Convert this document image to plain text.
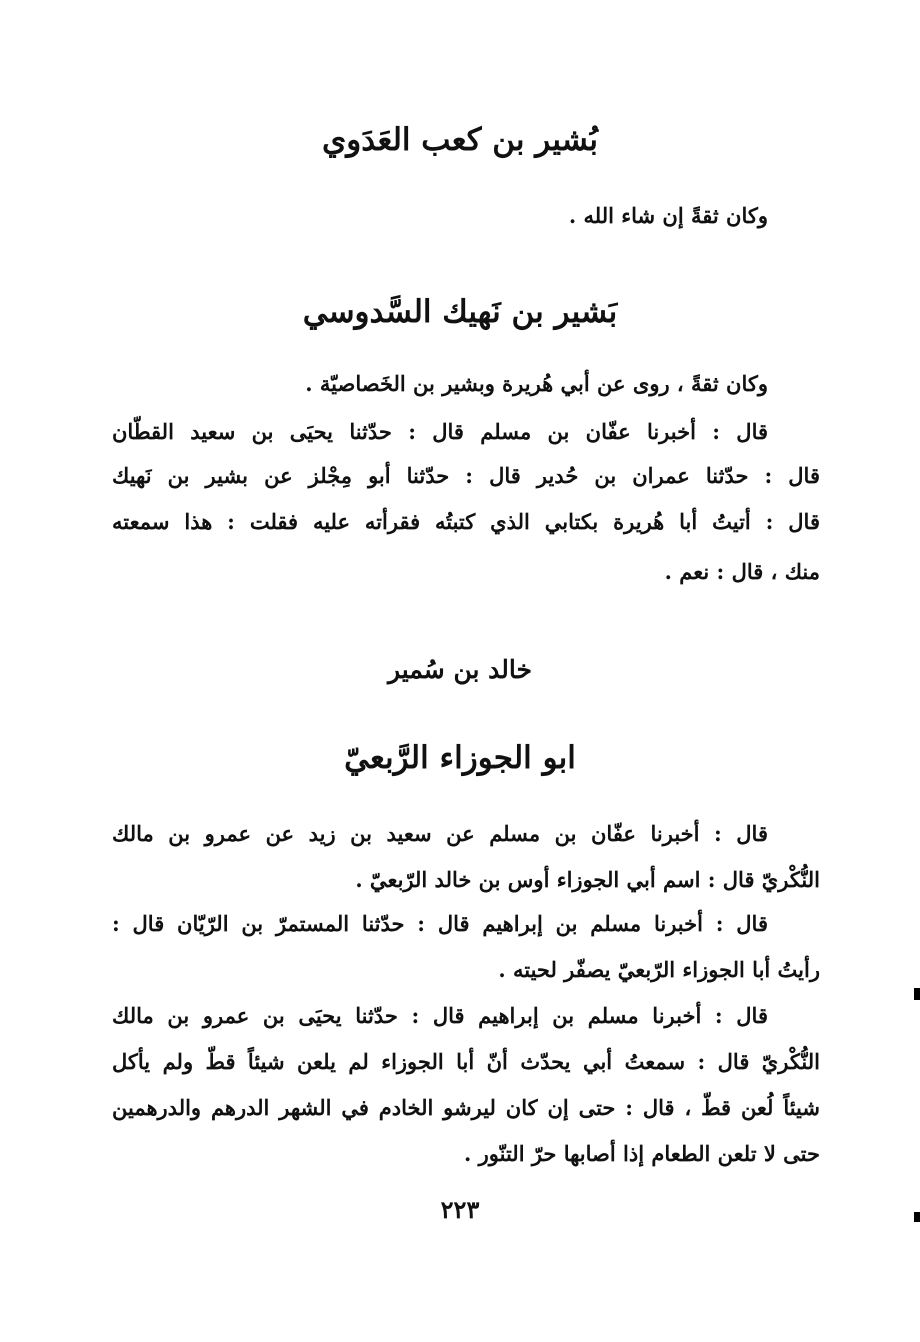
بُشير بن كعب العَدَوي
وكان ثقةً إن شاء الله .
بَشير بن نَهيك السَّدوسي
وكان ثقةً ، روى عن أبي هُريرة وبشير بن الخَصاصيّة .
قال : أخبرنا عفّان بن مسلم قال : حدّثنا يحيَى بن سعيد القطّان
قال : حدّثنا عمران بن حُدير قال : حدّثنا أبو مِجْلز عن بشير بن نَهيك
قال : أتيتُ أبا هُريرة بكتابي الذي كتبتُه فقرأته عليه فقلت : هذا سمعته
منك ، قال : نعم .
خالد بن سُمير
ابو الجوزاء الرَّبعيّ
قال : أخبرنا عفّان بن مسلم عن سعيد بن زيد عن عمرو بن مالك
النُّكْريّ قال : اسم أبي الجوزاء أوس بن خالد الرّبعيّ .
قال : أخبرنا مسلم بن إبراهيم قال : حدّثنا المستمرّ بن الرّيّان قال :
رأيتُ أبا الجوزاء الرّبعيّ يصفّر لحيته .
قال : أخبرنا مسلم بن إبراهيم قال : حدّثنا يحيَى بن عمرو بن مالك
النُّكْريّ قال : سمعتُ أبي يحدّث أنّ أبا الجوزاء لم يلعن شيئاً قطّ ولم يأكل
شيئاً لُعن قطّ ، قال : حتى إن كان ليرشو الخادم في الشهر الدرهم والدرهمين
حتى لا تلعن الطعام إذا أصابها حرّ التنّور .
٢٢٣
